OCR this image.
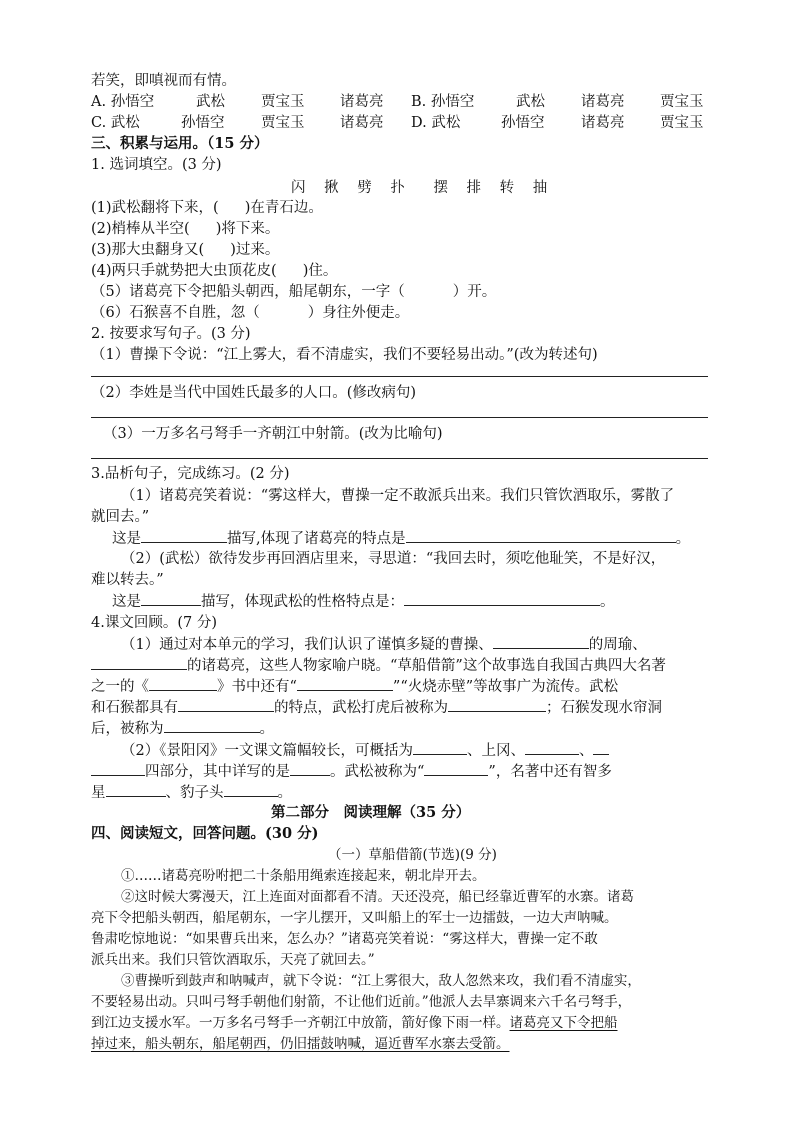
若笑，即嗔视而有情。
A. 孙悟空	武松 贾宝玉 诸葛亮 B. 孙悟空	武松 诸葛亮 贾宝玉
C. 武松	孙悟空	贾宝玉 诸葛亮 D. 武松	孙悟空	诸葛亮 贾宝玉
三、积累与运用。（15 分）
1. 选词填空。(3 分)
闪 揪 劈 扑 摆 排 转 抽
(1)武松翻将下来，( )在青石边。
(2)梢棒从半空( )将下来。
(3)那大虫翻身又( )过来。
(4)两只手就势把大虫顶花皮( )住。
（5）诸葛亮下令把船头朝西，船尾朝东，一字（	）开。
（6）石猴喜不自胜，忽（	）身往外便走。
2. 按要求写句子。(3 分)
（1）曹操下令说：“江上雾大，看不清虚实，我们不要轻易出动。”(改为转述句)
（2）李姓是当代中国姓氏最多的人口。(修改病句)
（3）一万多名弓弩手一齐朝江中射箭。(改为比喻句)
3.品析句子，完成练习。(2 分)
（1）诸葛亮笑着说：“雾这样大，曹操一定不敢派兵出来。我们只管饮酒取乐，雾散了
就回去。”
这是	描写,体现了诸葛亮的特点是	。
（2）(武松）欲待发步再回酒店里来，寻思道：“我回去时，须吃他耻笑，不是好汉，
难以转去。”
这是	描写，体现武松的性格特点是：	。
4.课文回顾。(7 分)
（1）通过对本单元的学习，我们认识了谨慎多疑的曹操、	的周瑜、
的诸葛亮，这些人物家喻户晓。“草船借箭”这个故事选自我国古典四大名著
之一的《	》书中还有“	”“火烧赤壁”等故事广为流传。武松
和石猴都具有	的特点，武松打虎后被称为	；石猴发现水帘洞
后，被称为	。
（2）《景阳冈》一文课文篇幅较长，可概括为	、上冈、	、
四部分，其中详写的是	。武松被称为“	”，名著中还有智多
星	、豹子头	。
第二部分　阅读理解（35 分）
四、阅读短文，回答问题。(30 分)
（一）草船借箭(节选)(9 分)
①……诸葛亮吩咐把二十条船用绳索连接起来，朝北岸开去。
②这时候大雾漫天，江上连面对面都看不清。天还没亮，船已经靠近曹军的水寨。诸葛
亮下令把船头朝西，船尾朝东，一字儿摆开，又叫船上的军士一边擂鼓，一边大声呐喊。
鲁肃吃惊地说：“如果曹兵出来，怎么办？”诸葛亮笑着说：“雾这样大，曹操一定不敢
派兵出来。我们只管饮酒取乐，天亮了就回去。”
③曹操听到鼓声和呐喊声，就下令说：“江上雾很大，敌人忽然来攻，我们看不清虚实，
不要轻易出动。只叫弓弩手朝他们射箭，不让他们近前。”他派人去旱寨调来六千名弓弩手，
到江边支援水军。一万多名弓弩手一齐朝江中放箭，箭好像下雨一样。诸葛亮又下令把船
掉过来，船头朝东，船尾朝西，仍旧擂鼓呐喊，逼近曹军水寨去受箭。
